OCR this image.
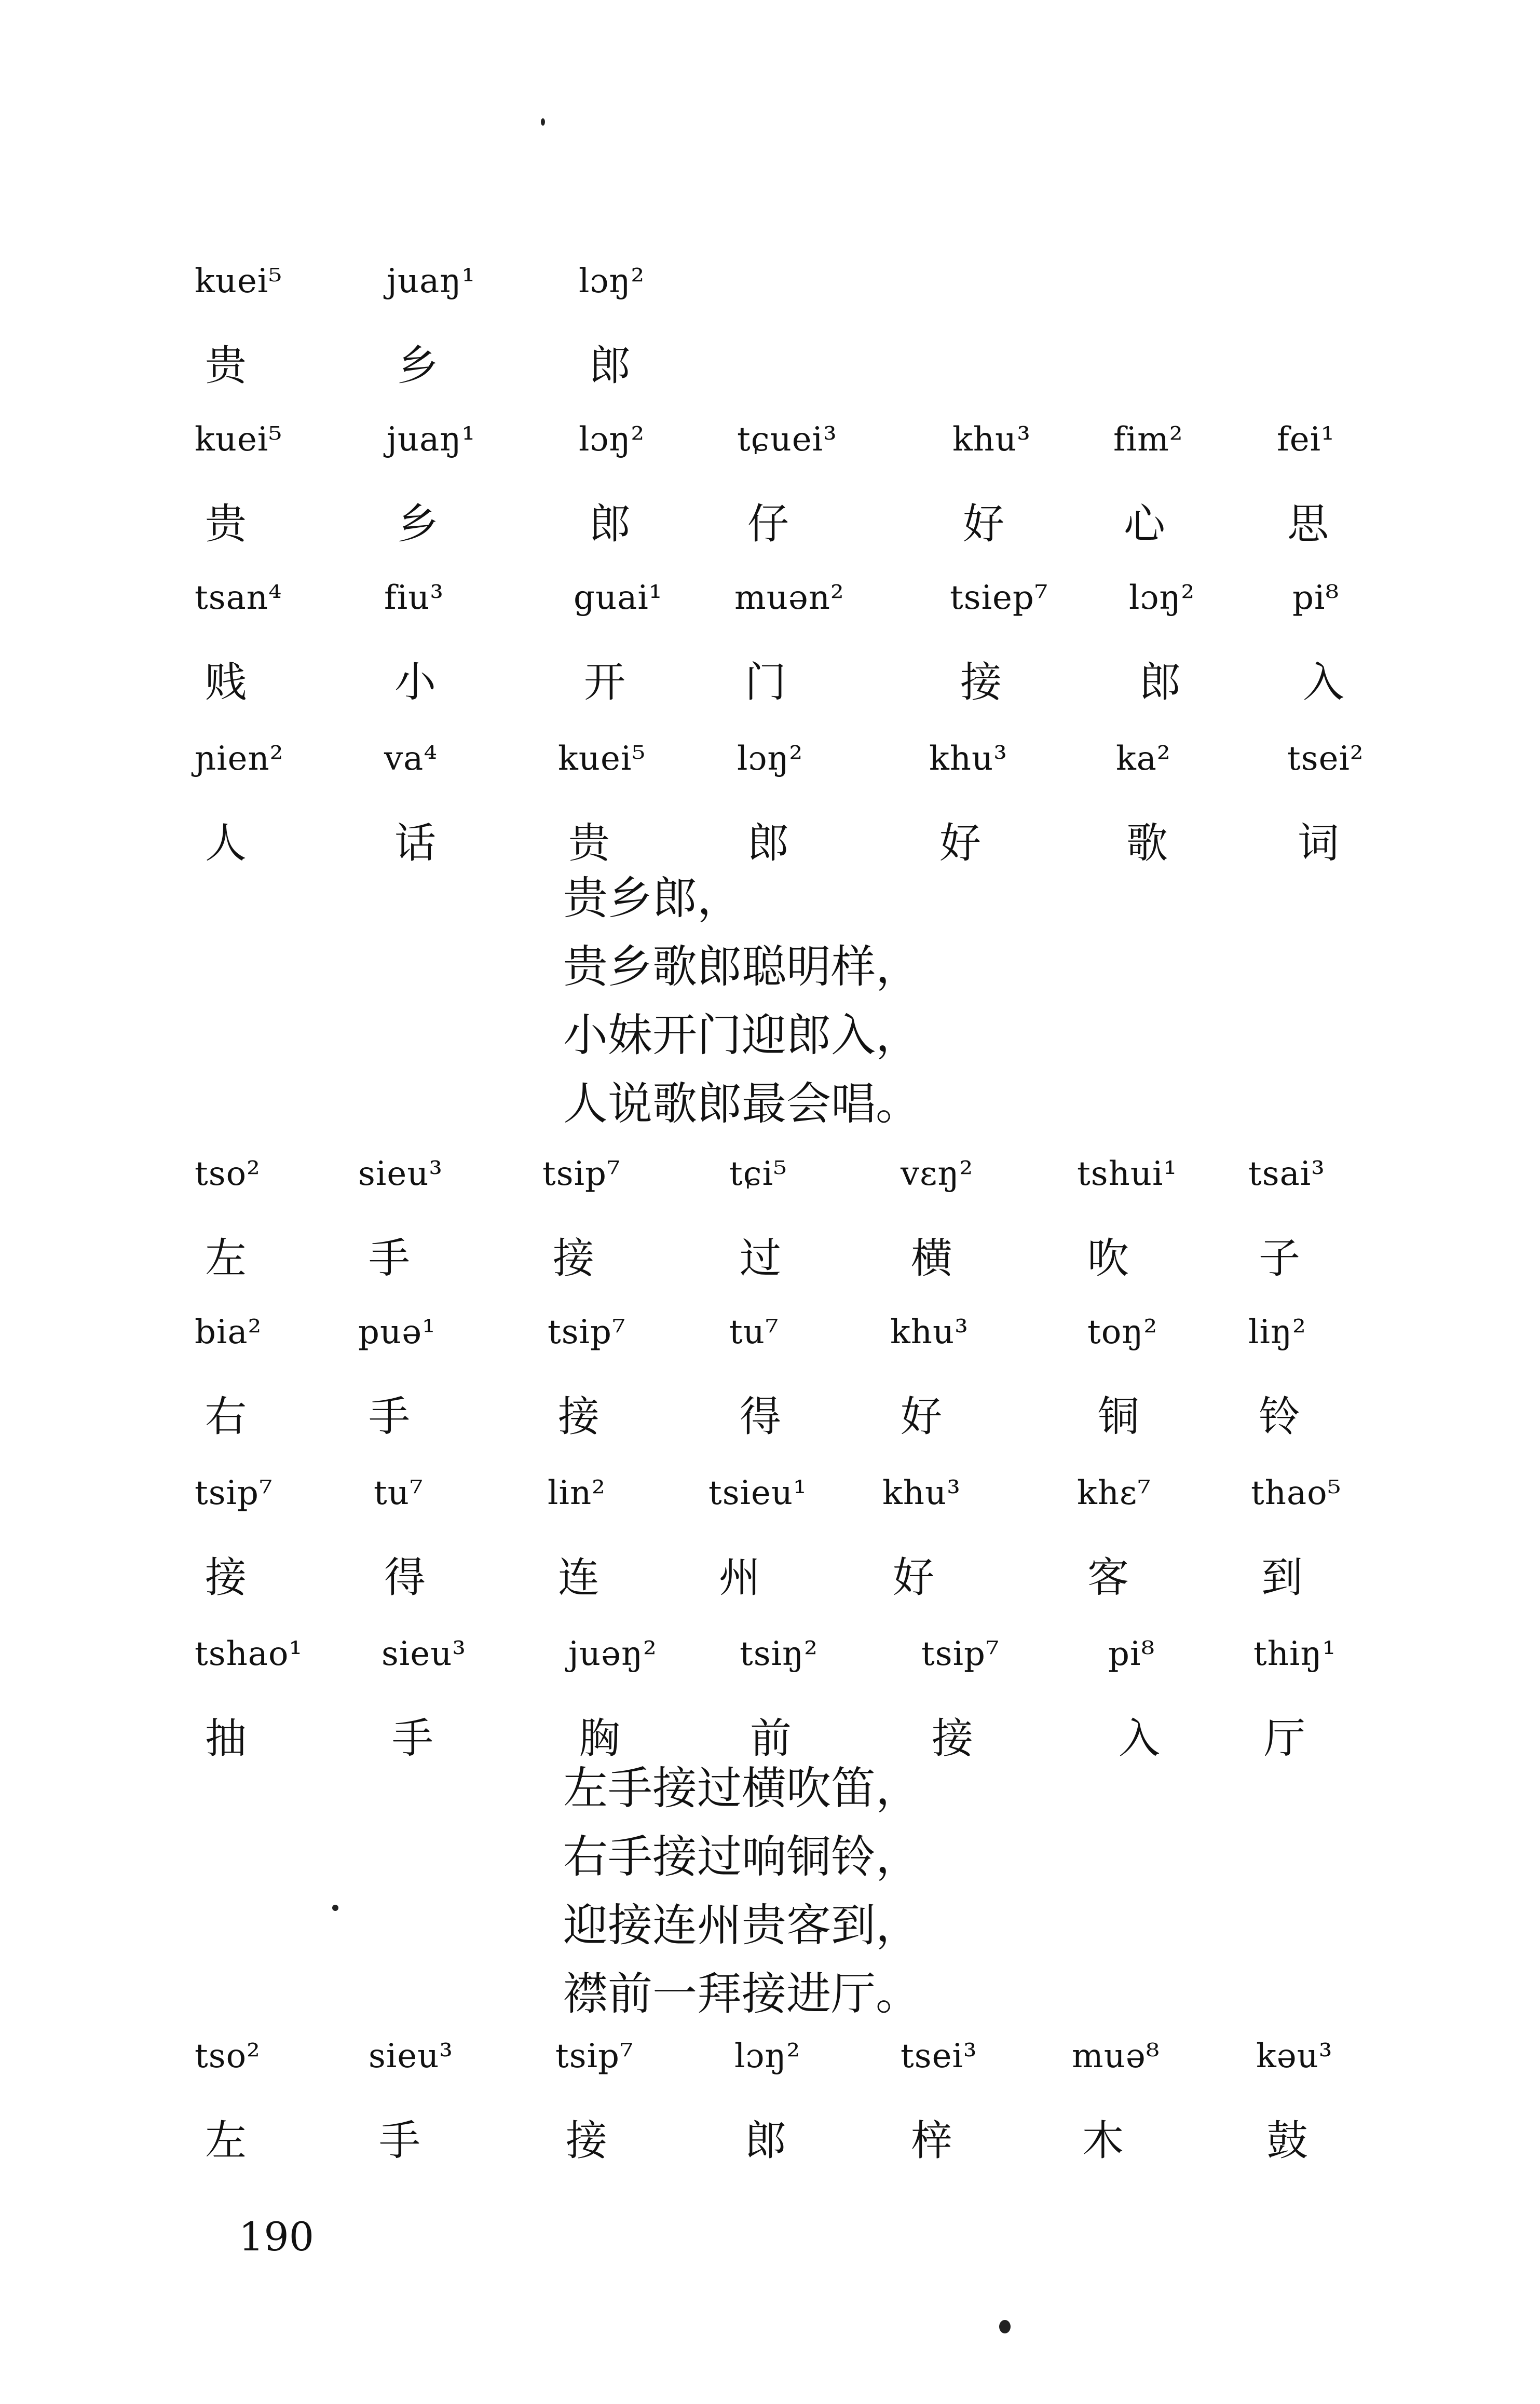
kuei⁵
贵
juaŋ¹
乡
lɔŋ²
郎
kuei⁵
贵
juaŋ¹
乡
lɔŋ²
郎
tɕuei³
仔
khu³
好
fim²
心
fei¹
思
tsan⁴
贱
fiu³
小
guai¹
开
muən²
门
tsiep⁷
接
lɔŋ²
郎
pi⁸
入
ɲien²
人
va⁴
话
kuei⁵
贵
lɔŋ²
郎
khu³
好
ka²
歌
tsei²
词
贵乡郎，
贵乡歌郎聪明样，
小妹开门迎郎入，
人说歌郎最会唱。
tso²
左
sieu³
手
tsip⁷
接
tɕi⁵
过
vɛŋ²
横
tshui¹
吹
tsai³
子
bia²
右
puə¹
手
tsip⁷
接
tu⁷
得
khu³
好
toŋ²
铜
liŋ²
铃
tsip⁷
接
tu⁷
得
lin²
连
tsieu¹
州
khu³
好
khɛ⁷
客
thao⁵
到
tshao¹
抽
sieu³
手
juəŋ²
胸
tsiŋ²
前
tsip⁷
接
pi⁸
入
thiŋ¹
厅
左手接过横吹笛，
右手接过响铜铃，
迎接连州贵客到，
襟前一拜接进厅。
tso²
左
sieu³
手
tsip⁷
接
lɔŋ²
郎
tsei³
梓
muə⁸
木
kəu³
鼓
190
